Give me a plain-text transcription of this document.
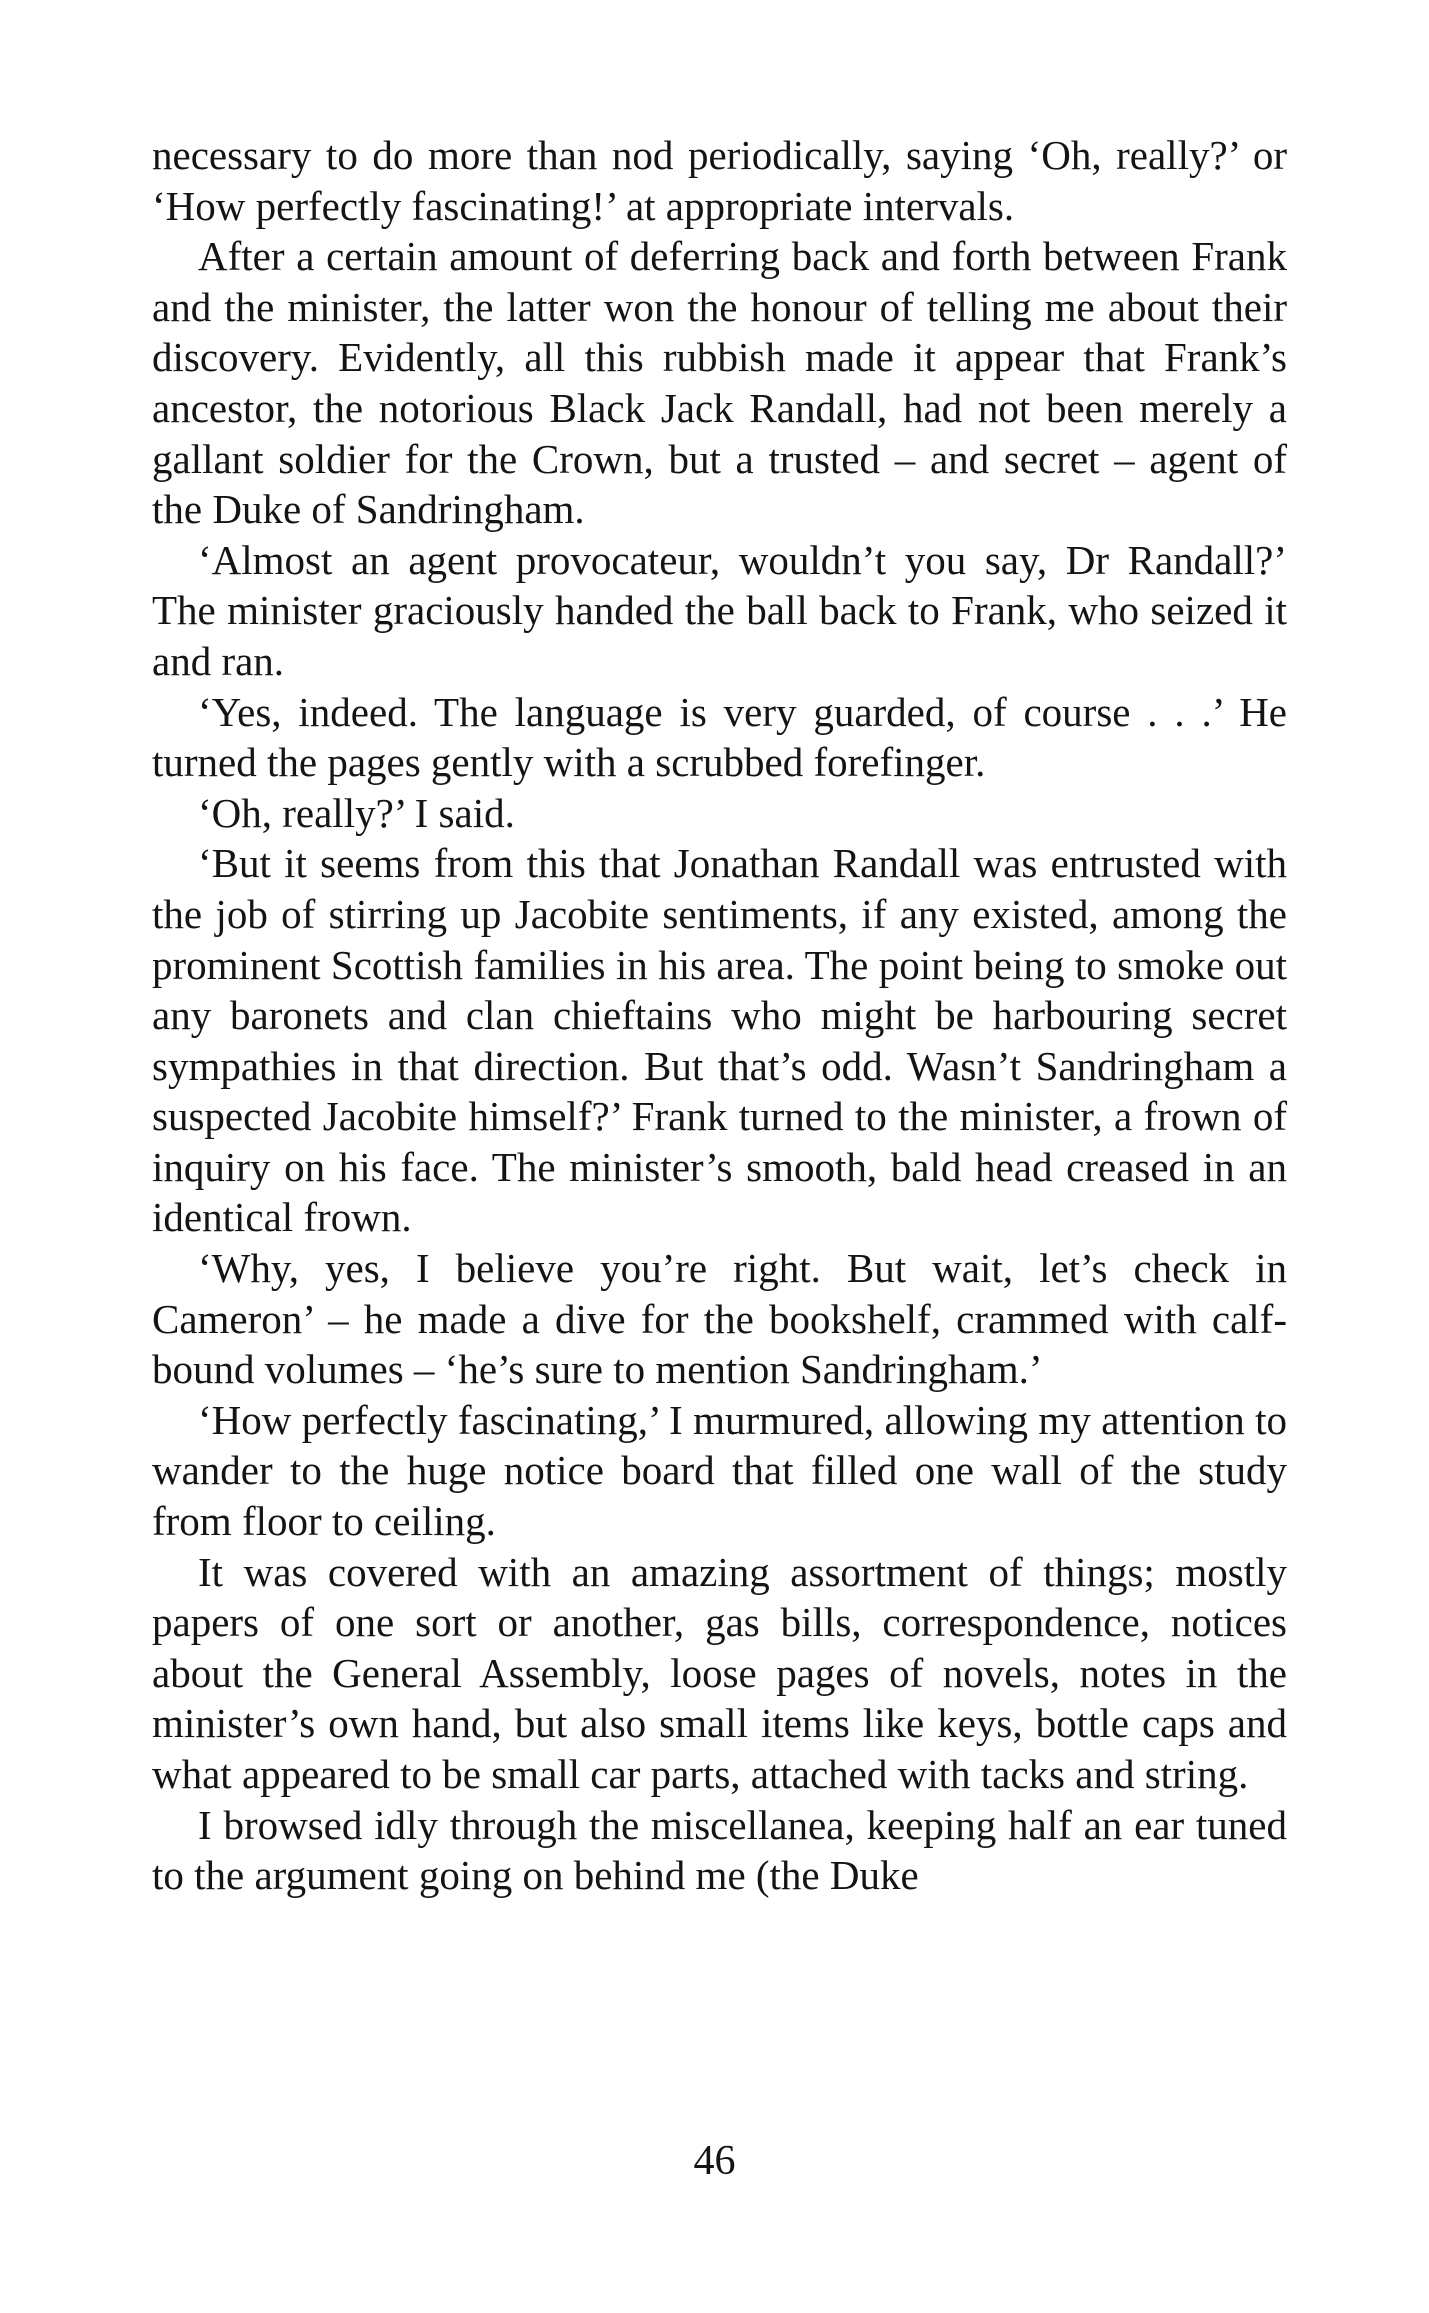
necessary to do more than nod periodically, saying ‘Oh, really?’ or ‘How perfectly fascinating!’ at appropriate intervals.

After a certain amount of deferring back and forth between Frank and the minister, the latter won the honour of telling me about their discovery. Evidently, all this rubbish made it appear that Frank’s ancestor, the notorious Black Jack Randall, had not been merely a gallant soldier for the Crown, but a trusted – and secret – agent of the Duke of Sandringham.

‘Almost an agent provocateur, wouldn’t you say, Dr Randall?’ The minister graciously handed the ball back to Frank, who seized it and ran.

‘Yes, indeed. The language is very guarded, of course . . .’ He turned the pages gently with a scrubbed forefinger.

‘Oh, really?’ I said.

‘But it seems from this that Jonathan Randall was entrusted with the job of stirring up Jacobite sentiments, if any existed, among the prominent Scottish families in his area. The point being to smoke out any baronets and clan chieftains who might be harbouring secret sympathies in that direction. But that’s odd. Wasn’t Sandringham a suspected Jacobite himself?’ Frank turned to the minister, a frown of inquiry on his face. The minister’s smooth, bald head creased in an identical frown.

‘Why, yes, I believe you’re right. But wait, let’s check in Cameron’ – he made a dive for the bookshelf, crammed with calf-bound volumes – ‘he’s sure to mention Sandringham.’

‘How perfectly fascinating,’ I murmured, allowing my attention to wander to the huge notice board that filled one wall of the study from floor to ceiling.

It was covered with an amazing assortment of things; mostly papers of one sort or another, gas bills, correspondence, notices about the General Assembly, loose pages of novels, notes in the minister’s own hand, but also small items like keys, bottle caps and what appeared to be small car parts, attached with tacks and string.

I browsed idly through the miscellanea, keeping half an ear tuned to the argument going on behind me (the Duke

46
